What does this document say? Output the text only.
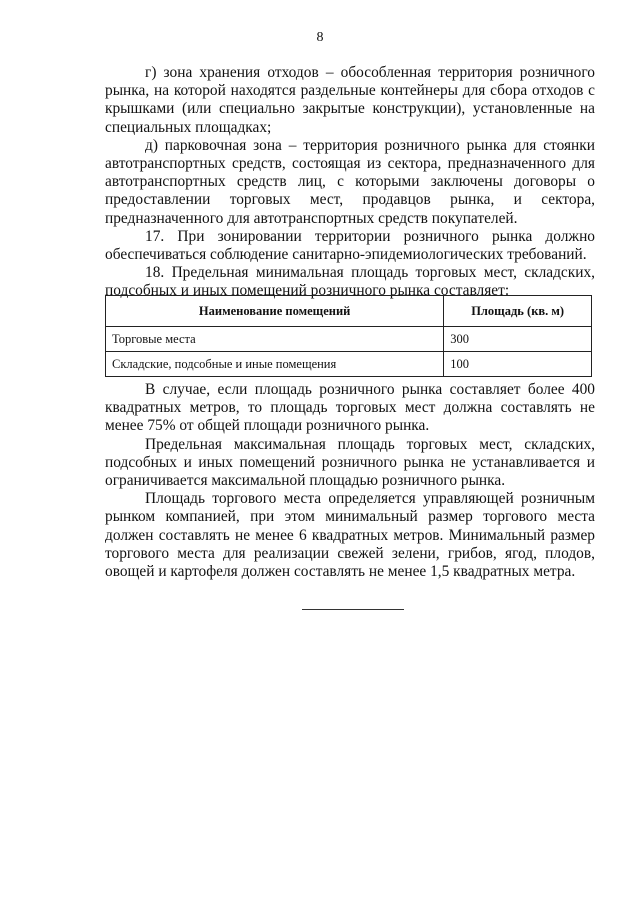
8

г) зона хранения отходов – обособленная территория розничного рынка, на которой находятся раздельные контейнеры для сбора отходов с крышками (или специально закрытые конструкции), установленные на специальных площадках;

д) парковочная зона – территория розничного рынка для стоянки автотранспортных средств, состоящая из сектора, предназначенного для автотранспортных средств лиц, с которыми заключены договоры о предоставлении торговых мест, продавцов рынка, и сектора, предназначенного для автотранспортных средств покупателей.

17. При зонировании территории розничного рынка должно обеспечиваться соблюдение санитарно-эпидемиологических требований.

18. Предельная минимальная площадь торговых мест, складских, подсобных и иных помещений розничного рынка составляет:

Наименование помещений	Площадь (кв. м)
Торговые места	300
Складские, подсобные и иные помещения	100

В случае, если площадь розничного рынка составляет более 400 квадратных метров, то площадь торговых мест должна составлять не менее 75% от общей площади розничного рынка.

Предельная максимальная площадь торговых мест, складских, подсобных и иных помещений розничного рынка не устанавливается и ограничивается максимальной площадью розничного рынка.

Площадь торгового места определяется управляющей розничным рынком компанией, при этом минимальный размер торгового места должен составлять не менее 6 квадратных метров. Минимальный размер торгового места для реализации свежей зелени, грибов, ягод, плодов, овощей и картофеля должен составлять не менее 1,5 квадратных метра.
